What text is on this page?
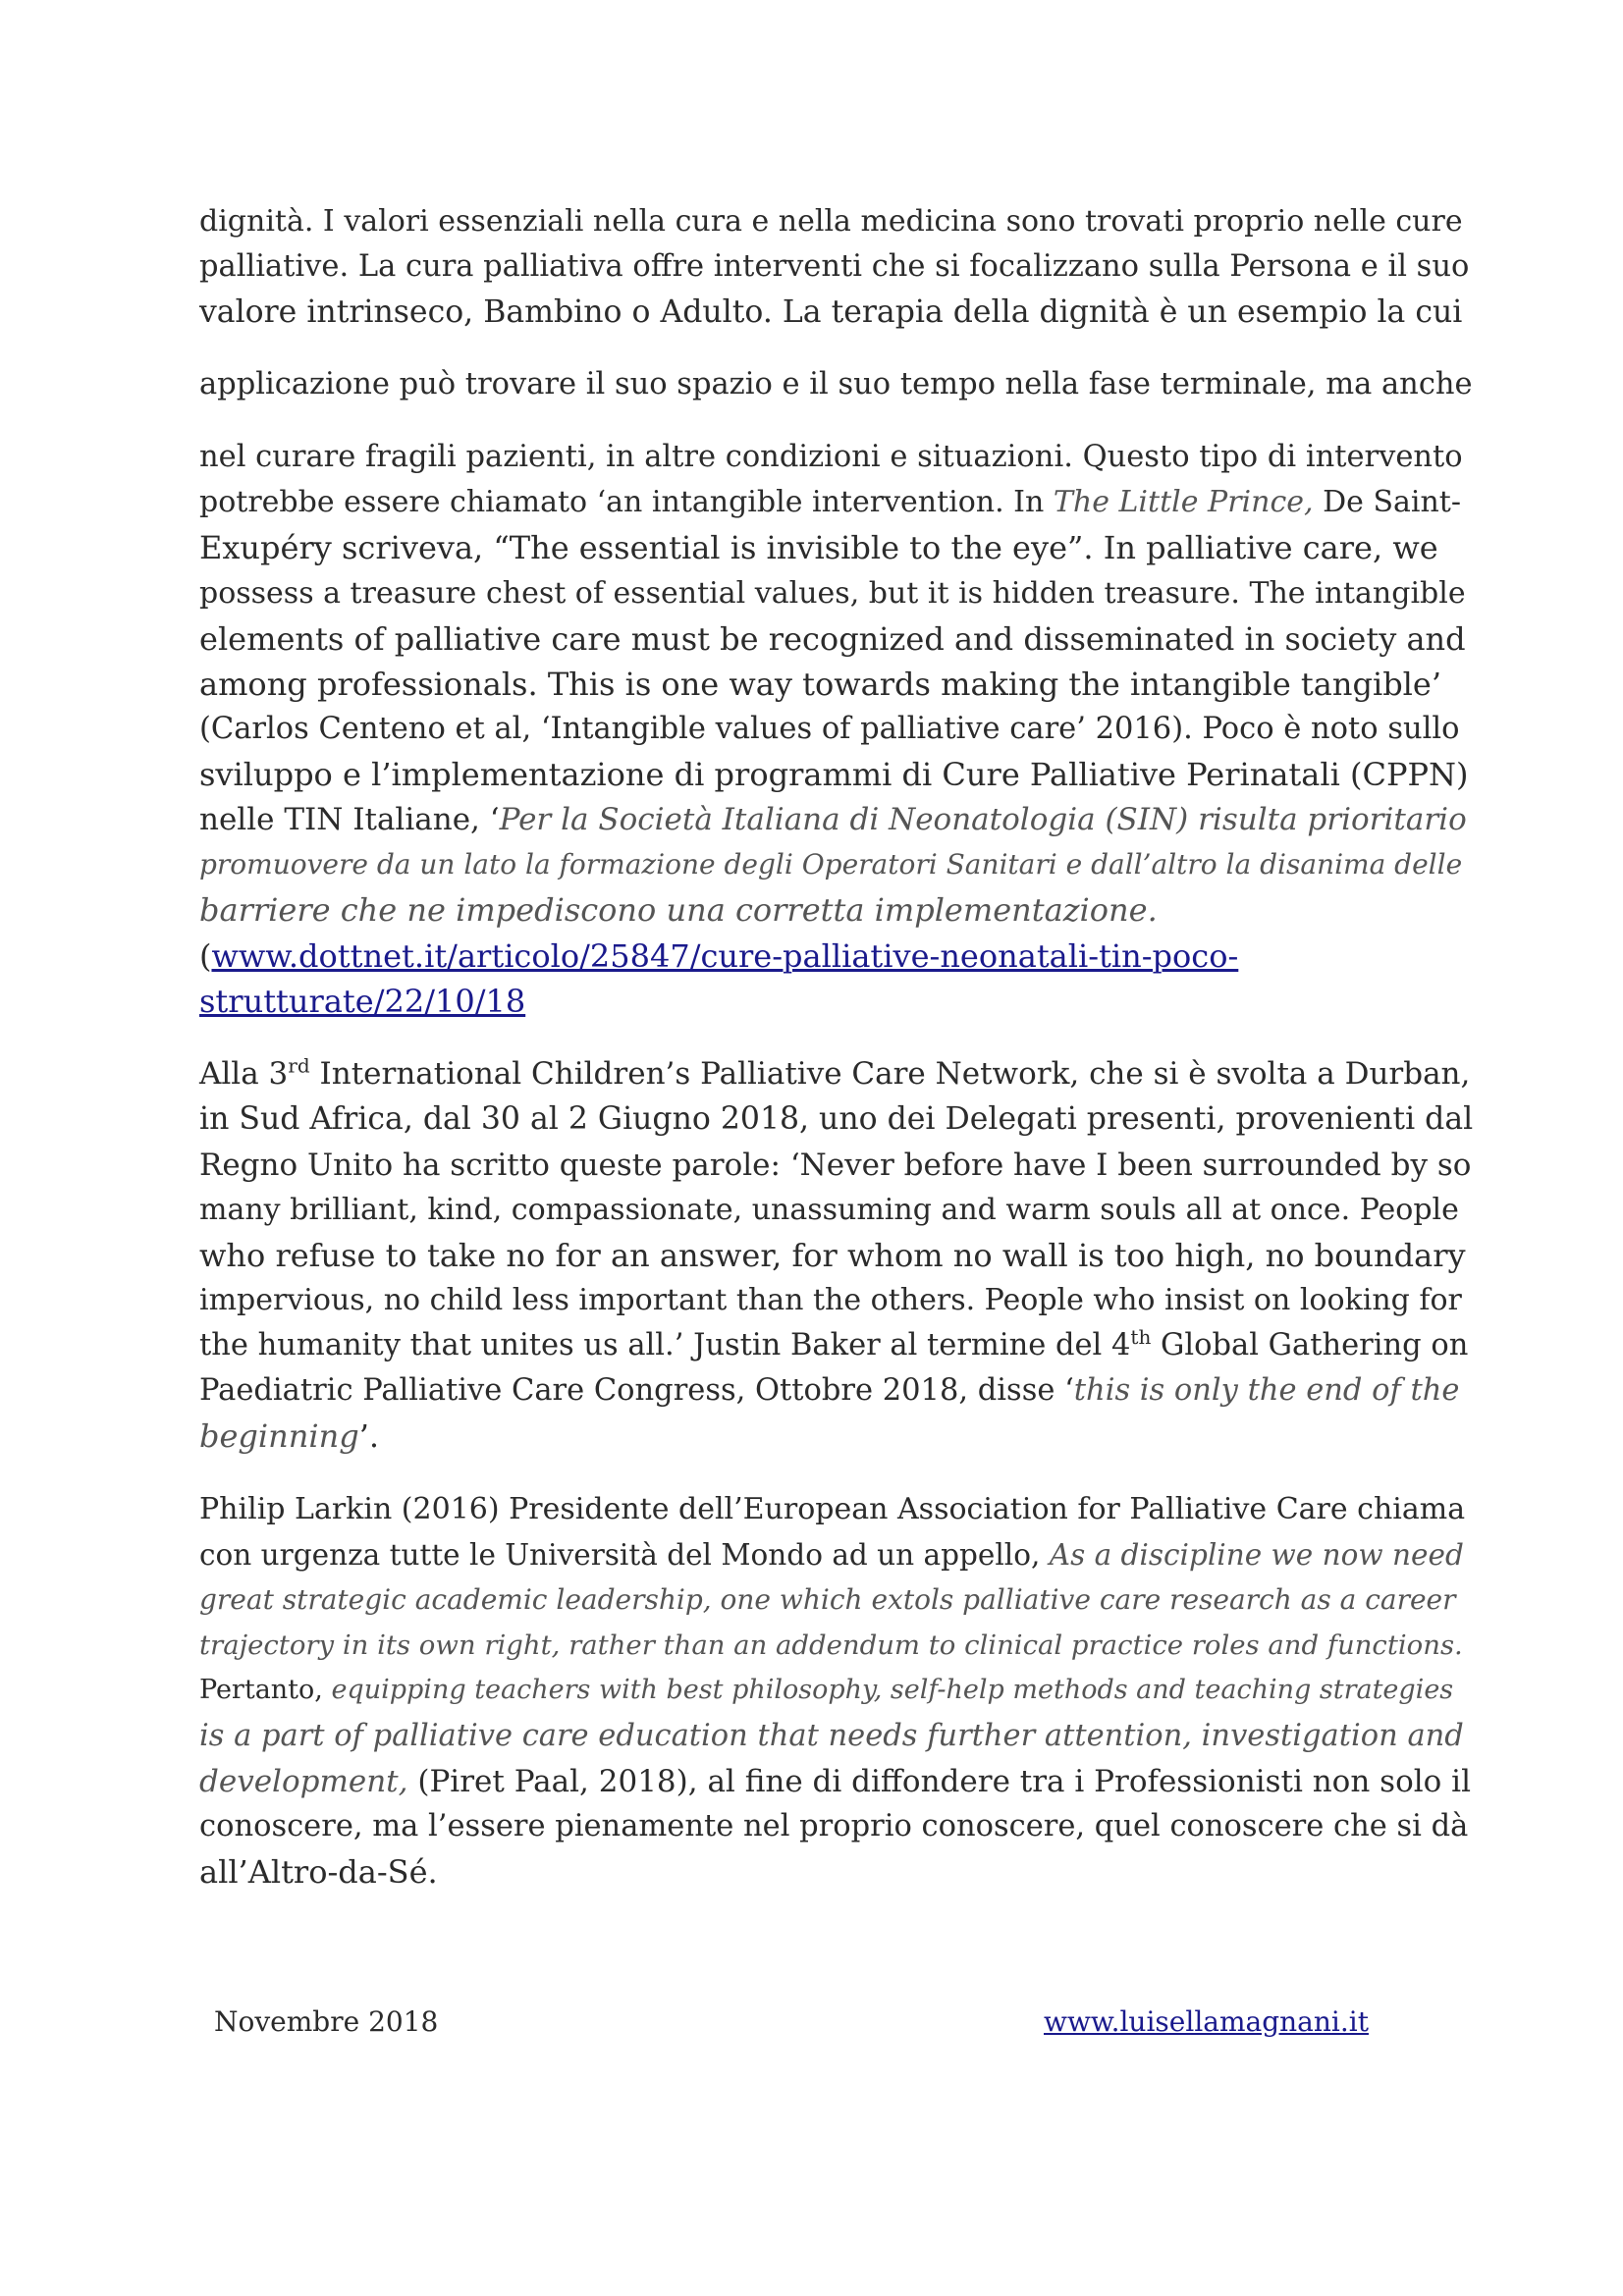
dignità. I valori essenziali nella cura e nella medicina sono trovati proprio nelle cure

palliative. La cura palliativa offre interventi che si focalizzano sulla Persona e il suo

valore intrinseco, Bambino o Adulto. La terapia della dignità è un esempio la cui

applicazione può trovare il suo spazio e il suo tempo nella fase terminale, ma anche

nel curare fragili pazienti, in altre condizioni e situazioni. Questo tipo di intervento

potrebbe essere chiamato ‘an intangible intervention. In The Little Prince, De Saint-

Exupéry scriveva, “The essential is invisible to the eye”. In palliative care, we

possess a treasure chest of essential values, but it is hidden treasure. The intangible

elements of palliative care must be recognized and disseminated in society and

among professionals. This is one way towards making the intangible tangible’

(Carlos Centeno et al, ‘Intangible values of palliative care’ 2016). Poco è noto sullo

sviluppo e l’implementazione di programmi di Cure Palliative Perinatali (CPPN)

nelle TIN Italiane, ‘Per la Società Italiana di Neonatologia (SIN) risulta prioritario

promuovere da un lato la formazione degli Operatori Sanitari e dall’altro la disanima delle

barriere che ne impediscono una corretta implementazione.

(www.dottnet.it/articolo/25847/cure-palliative-neonatali-tin-poco-

strutturate/22/10/18

Alla 3rd International Children’s Palliative Care Network, che si è svolta a Durban,

in Sud Africa, dal 30 al 2 Giugno 2018, uno dei Delegati presenti, provenienti dal

Regno Unito ha scritto queste parole: ‘Never before have I been surrounded by so

many brilliant, kind, compassionate, unassuming and warm souls all at once. People

who refuse to take no for an answer, for whom no wall is too high, no boundary

impervious, no child less important than the others. People who insist on looking for

the humanity that unites us all.’ Justin Baker al termine del 4th Global Gathering on

Paediatric Palliative Care Congress, Ottobre 2018, disse ‘this is only the end of the

beginning’.

Philip Larkin (2016) Presidente dell’European Association for Palliative Care chiama

con urgenza tutte le Università del Mondo ad un appello, As a discipline we now need

great strategic academic leadership, one which extols palliative care research as a career

trajectory in its own right, rather than an addendum to clinical practice roles and functions.

Pertanto, equipping teachers with best philosophy, self-help methods and teaching strategies

is a part of palliative care education that needs further attention, investigation and

development, (Piret Paal, 2018), al fine di diffondere tra i Professionisti non solo il

conoscere, ma l’essere pienamente nel proprio conoscere, quel conoscere che si dà

all’Altro-da-Sé.

Novembre 2018	www.luisellamagnani.it
